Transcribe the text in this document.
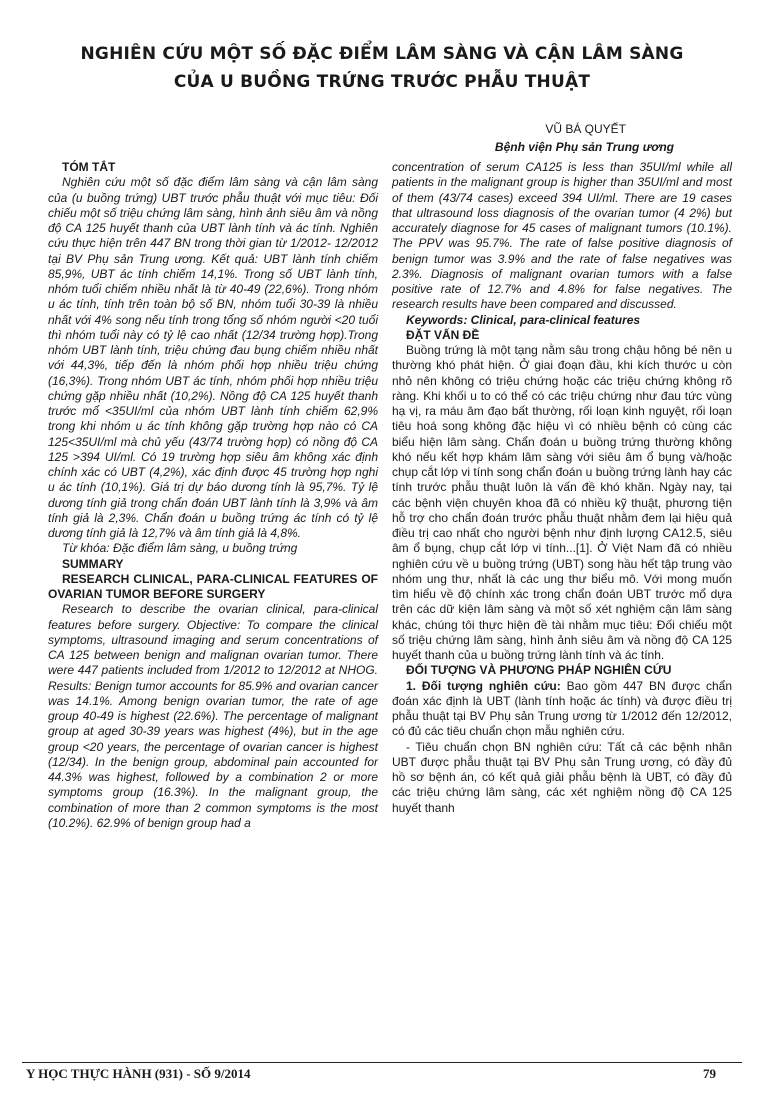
NGHIÊN CỨU MỘT SỐ ĐẶC ĐIỂM LÂM SÀNG VÀ CẬN LÂM SÀNG
CỦA U BUỒNG TRỨNG TRƯỚC PHẪU THUẬT
VŨ BÁ QUYẾT
Bệnh viện Phụ sản Trung ương

TÓM TẮT

Nghiên cứu một số đặc điểm lâm sàng và cận lâm sàng của (u buồng trứng) UBT trước phẫu thuật với mục tiêu: Đối chiếu một số triệu chứng lâm sàng, hình ảnh siêu âm và nồng độ CA 125 huyết thanh của UBT lành tính và ác tính. Nghiên cứu thực hiện trên 447 BN trong thời gian từ 1/2012- 12/2012 tại BV Phụ sản Trung ương. Kết quả: UBT lành tính chiếm 85,9%, UBT ác tính chiếm 14,1%. Trong số UBT lành tính, nhóm tuổi chiếm nhiều nhất là từ 40-49 (22,6%). Trong nhóm u ác tính, tính trên toàn bộ số BN, nhóm tuổi 30-39 là nhiều nhất với 4% song nếu tính trong tổng số nhóm người <20 tuổi thì nhóm tuổi này có tỷ lệ cao nhất (12/34 trường hợp).Trong nhóm UBT lành tính, triệu chứng đau bụng chiếm nhiều nhất với 44,3%, tiếp đến là nhóm phối hợp nhiều triệu chứng (16,3%). Trong nhóm UBT ác tính, nhóm phối hợp nhiều triệu chứng gặp nhiều nhất (10,2%). Nồng độ CA 125 huyết thanh trước mổ <35UI/ml của nhóm UBT lành tính chiếm 62,9% trong khi nhóm u ác tính không gặp trường hợp nào có CA 125<35UI/ml mà chủ yếu (43/74 trường hợp) có nồng độ CA 125 >394 UI/ml. Có 19 trường hợp siêu âm không xác định chính xác có UBT (4,2%), xác định được 45 trường hợp nghi u ác tính (10,1%). Giá trị dự báo dương tính là 95,7%. Tỷ lệ dương tính giả trong chẩn đoán UBT lành tính là 3,9% và âm tính giả là 2,3%. Chẩn đoán u buồng trứng ác tính có tỷ lệ dương tính giả là 12,7% và âm tính giả là 4,8%.

Từ khóa: Đặc điểm lâm sàng, u buồng trứng

SUMMARY

RESEARCH CLINICAL, PARA-CLINICAL FEATURES OF OVARIAN TUMOR BEFORE SURGERY

Research to describe the ovarian clinical, para-clinical features before surgery. Objective: To compare the clinical symptoms, ultrasound imaging and serum concentrations of CA 125 between benign and malignan ovarian tumor. There were 447 patients included from 1/2012 to 12/2012 at NHOG. Results: Benign tumor accounts for 85.9% and ovarian cancer was 14.1%. Among benign ovarian tumor, the rate of age group 40-49 is highest (22.6%). The percentage of malignant group at aged 30-39 years was highest (4%), but in the age group <20 years, the percentage of ovarian cancer is highest (12/34). In the benign group, abdominal pain accounted for 44.3% was highest, followed by a combination 2 or more symptoms group (16.3%). In the malignant group, the combination of more than 2 common symptoms is the most (10.2%). 62.9% of benign group had a

concentration of serum CA125 is less than 35UI/ml while all patients in the malignant group is higher than 35UI/ml and most of them (43/74 cases) exceed 394 UI/ml. There are 19 cases that ultrasound loss diagnosis of the ovarian tumor (4 2%) but accurately diagnose for 45 cases of malignant tumors (10.1%). The PPV was 95.7%. The rate of false positive diagnosis of benign tumor was 3.9% and the rate of false negatives was 2.3%. Diagnosis of malignant ovarian tumors with a false positive rate of 12.7% and 4.8% for false negatives. The research results have been compared and discussed.

Keywords: Clinical, para-clinical features

ĐẶT VẤN ĐỀ

Buồng trứng là một tạng nằm sâu trong chậu hông bé nên u thường khó phát hiện. Ở giai đoạn đầu, khi kích thước u còn nhỏ nên không có triệu chứng hoặc các triệu chứng không rõ ràng. Khi khối u to có thể có các triệu chứng như đau tức vùng hạ vị, ra máu âm đạo bất thường, rối loạn kinh nguyệt, rối loạn tiêu hoá song không đặc hiệu vì có nhiều bệnh có cùng các biểu hiện lâm sàng. Chẩn đoán u buồng trứng thường không khó nếu kết hợp khám lâm sàng với siêu âm ổ bụng và/hoặc chụp cắt lớp vi tính song chẩn đoán u buồng trứng lành hay các tính trước phẫu thuật luôn là vấn đề khó khăn. Ngày nay, tại các bệnh viện chuyên khoa đã có nhiều kỹ thuật, phương tiện hỗ trợ cho chẩn đoán trước phẫu thuật nhằm đem lại hiệu quả điều trị cao nhất cho người bệnh như định lượng CA12.5, siêu âm ổ bụng, chụp cắt lớp vi tính...[1]. Ở Việt Nam đã có nhiều nghiên cứu về u buồng trứng (UBT) song hầu hết tập trung vào nhóm ung thư, nhất là các ung thư biểu mô. Với mong muốn tìm hiểu về độ chính xác trong chẩn đoán UBT trước mổ dựa trên các dữ kiện lâm sàng và một số xét nghiệm cận lâm sàng khác, chúng tôi thực hiện đề tài nhằm mục tiêu: Đối chiếu một số triệu chứng lâm sàng, hình ảnh siêu âm và nồng độ CA 125 huyết thanh của u buồng trứng lành tính và ác tính.

ĐỐI TƯỢNG VÀ PHƯƠNG PHÁP NGHIÊN CỨU

1. Đối tượng nghiên cứu: Bao gồm 447 BN được chẩn đoán xác định là UBT (lành tính hoặc ác tính) và được điều trị phẫu thuật tại BV Phụ sản Trung ương từ 1/2012 đến 12/2012, có đủ các tiêu chuẩn chọn mẫu nghiên cứu.

- Tiêu chuẩn chọn BN nghiên cứu: Tất cả các bệnh nhân UBT được phẫu thuật tại BV Phụ sản Trung ương, có đầy đủ hồ sơ bệnh án, có kết quả giải phẫu bệnh là UBT, có đầy đủ các triệu chứng lâm sàng, các xét nghiệm nồng độ CA 125 huyết thanh

Y HỌC THỰC HÀNH (931) - SỐ 9/2014	79
